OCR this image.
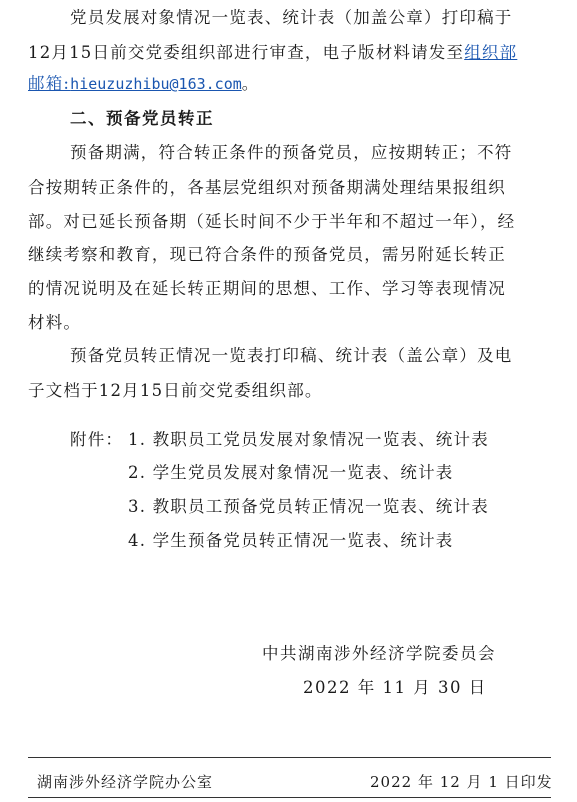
党员发展对象情况一览表、统计表（加盖公章）打印稿于
12月15日前交党委组织部进行审查，电子版材料请发至组织部
邮箱:hieuzuzhibu@163.com。
二、预备党员转正
预备期满，符合转正条件的预备党员，应按期转正；不符
合按期转正条件的，各基层党组织对预备期满处理结果报组织
部。对已延长预备期（延长时间不少于半年和不超过一年），经
继续考察和教育，现已符合条件的预备党员，需另附延长转正
的情况说明及在延长转正期间的思想、工作、学习等表现情况
材料。
预备党员转正情况一览表打印稿、统计表（盖公章）及电
子文档于12月15日前交党委组织部。
附件： 1. 教职员工党员发展对象情况一览表、统计表
2. 学生党员发展对象情况一览表、统计表
3. 教职员工预备党员转正情况一览表、统计表
4. 学生预备党员转正情况一览表、统计表
中共湖南涉外经济学院委员会
2022 年 11 月 30 日
湖南涉外经济学院办公室	2022 年 12 月 1 日印发
